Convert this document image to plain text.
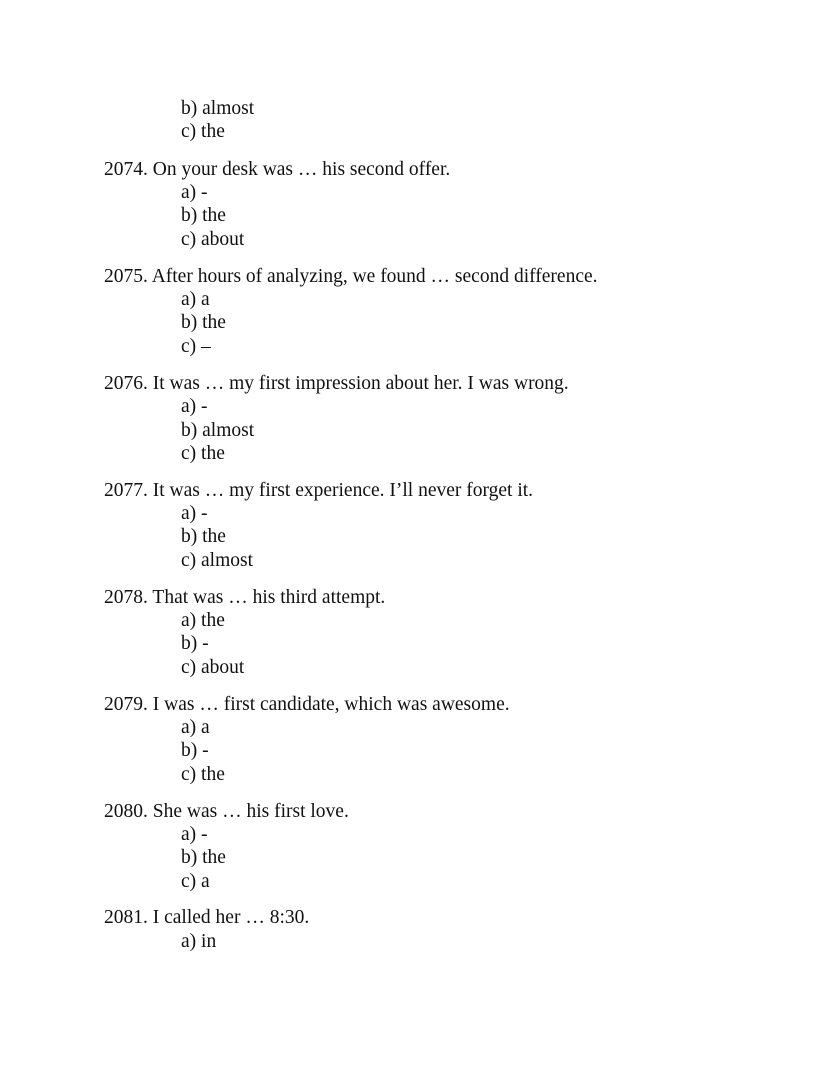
b) almost
c) the
2074. On your desk was … his second offer.
a) -
b) the
c) about
2075. After hours of analyzing, we found … second difference.
a) a
b) the
c) –
2076. It was … my first impression about her. I was wrong.
a) -
b) almost
c) the
2077. It was … my first experience. I’ll never forget it.
a) -
b) the
c) almost
2078. That was … his third attempt.
a) the
b) -
c) about
2079. I was … first candidate, which was awesome.
a) a
b) -
c) the
2080. She was … his first love.
a) -
b) the
c) a
2081. I called her … 8:30.
a) in
